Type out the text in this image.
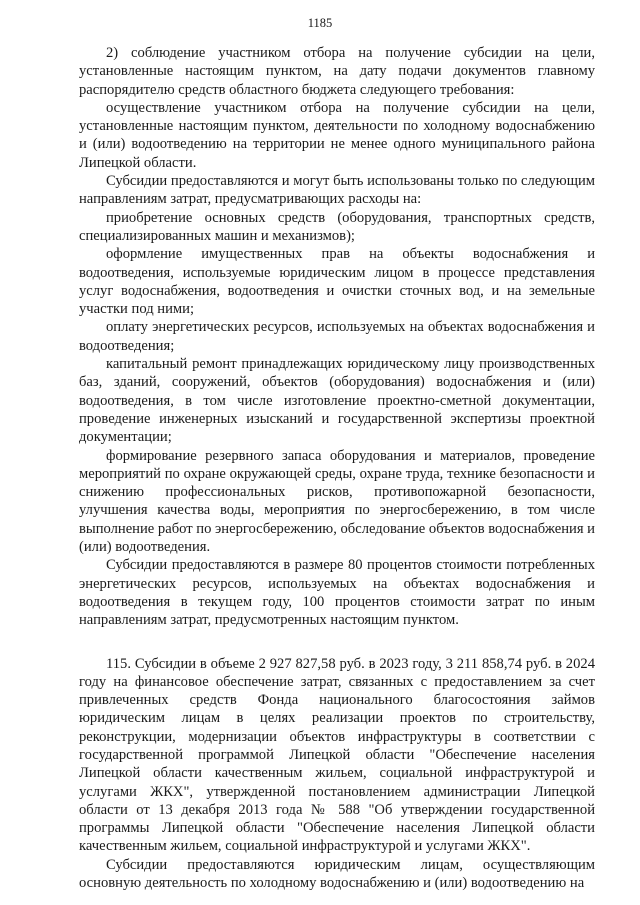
1185

2) соблюдение участником отбора на получение субсидии на цели, установленные настоящим пунктом, на дату подачи документов главному распорядителю средств областного бюджета следующего требования:

осуществление участником отбора на получение субсидии на цели, установленные настоящим пунктом, деятельности по холодному водоснабжению и (или) водоотведению на территории не менее одного муниципального района Липецкой области.

Субсидии предоставляются и могут быть использованы только по следующим направлениям затрат, предусматривающих расходы на:

приобретение основных средств (оборудования, транспортных средств, специализированных машин и механизмов);

оформление имущественных прав на объекты водоснабжения и водоотведения, используемые юридическим лицом в процессе представления услуг водоснабжения, водоотведения и очистки сточных вод, и на земельные участки под ними;

оплату энергетических ресурсов, используемых на объектах водоснабжения и водоотведения;

капитальный ремонт принадлежащих юридическому лицу производственных баз, зданий, сооружений, объектов (оборудования) водоснабжения и (или) водоотведения, в том числе изготовление проектно-сметной документации, проведение инженерных изысканий и государственной экспертизы проектной документации;

формирование резервного запаса оборудования и материалов, проведение мероприятий по охране окружающей среды, охране труда, технике безопасности и снижению профессиональных рисков, противопожарной безопасности, улучшения качества воды, мероприятия по энергосбережению, в том числе выполнение работ по энергосбережению, обследование объектов водоснабжения и (или) водоотведения.

Субсидии предоставляются в размере 80 процентов стоимости потребленных энергетических ресурсов, используемых на объектах водоснабжения и водоотведения в текущем году, 100 процентов стоимости затрат по иным направлениям затрат, предусмотренных настоящим пунктом.

115. Субсидии в объеме 2 927 827,58 руб. в 2023 году, 3 211 858,74 руб. в 2024 году на финансовое обеспечение затрат, связанных с предоставлением за счет привлеченных средств Фонда национального благосостояния займов юридическим лицам в целях реализации проектов по строительству, реконструкции, модернизации объектов инфраструктуры в соответствии с государственной программой Липецкой области "Обеспечение населения Липецкой области качественным жильем, социальной инфраструктурой и услугами ЖКХ", утвержденной постановлением администрации Липецкой области от 13 декабря 2013 года № 588 "Об утверждении государственной программы Липецкой области "Обеспечение населения Липецкой области качественным жильем, социальной инфраструктурой и услугами ЖКХ".

Субсидии предоставляются юридическим лицам, осуществляющим основную деятельность по холодному водоснабжению и (или) водоотведению на
